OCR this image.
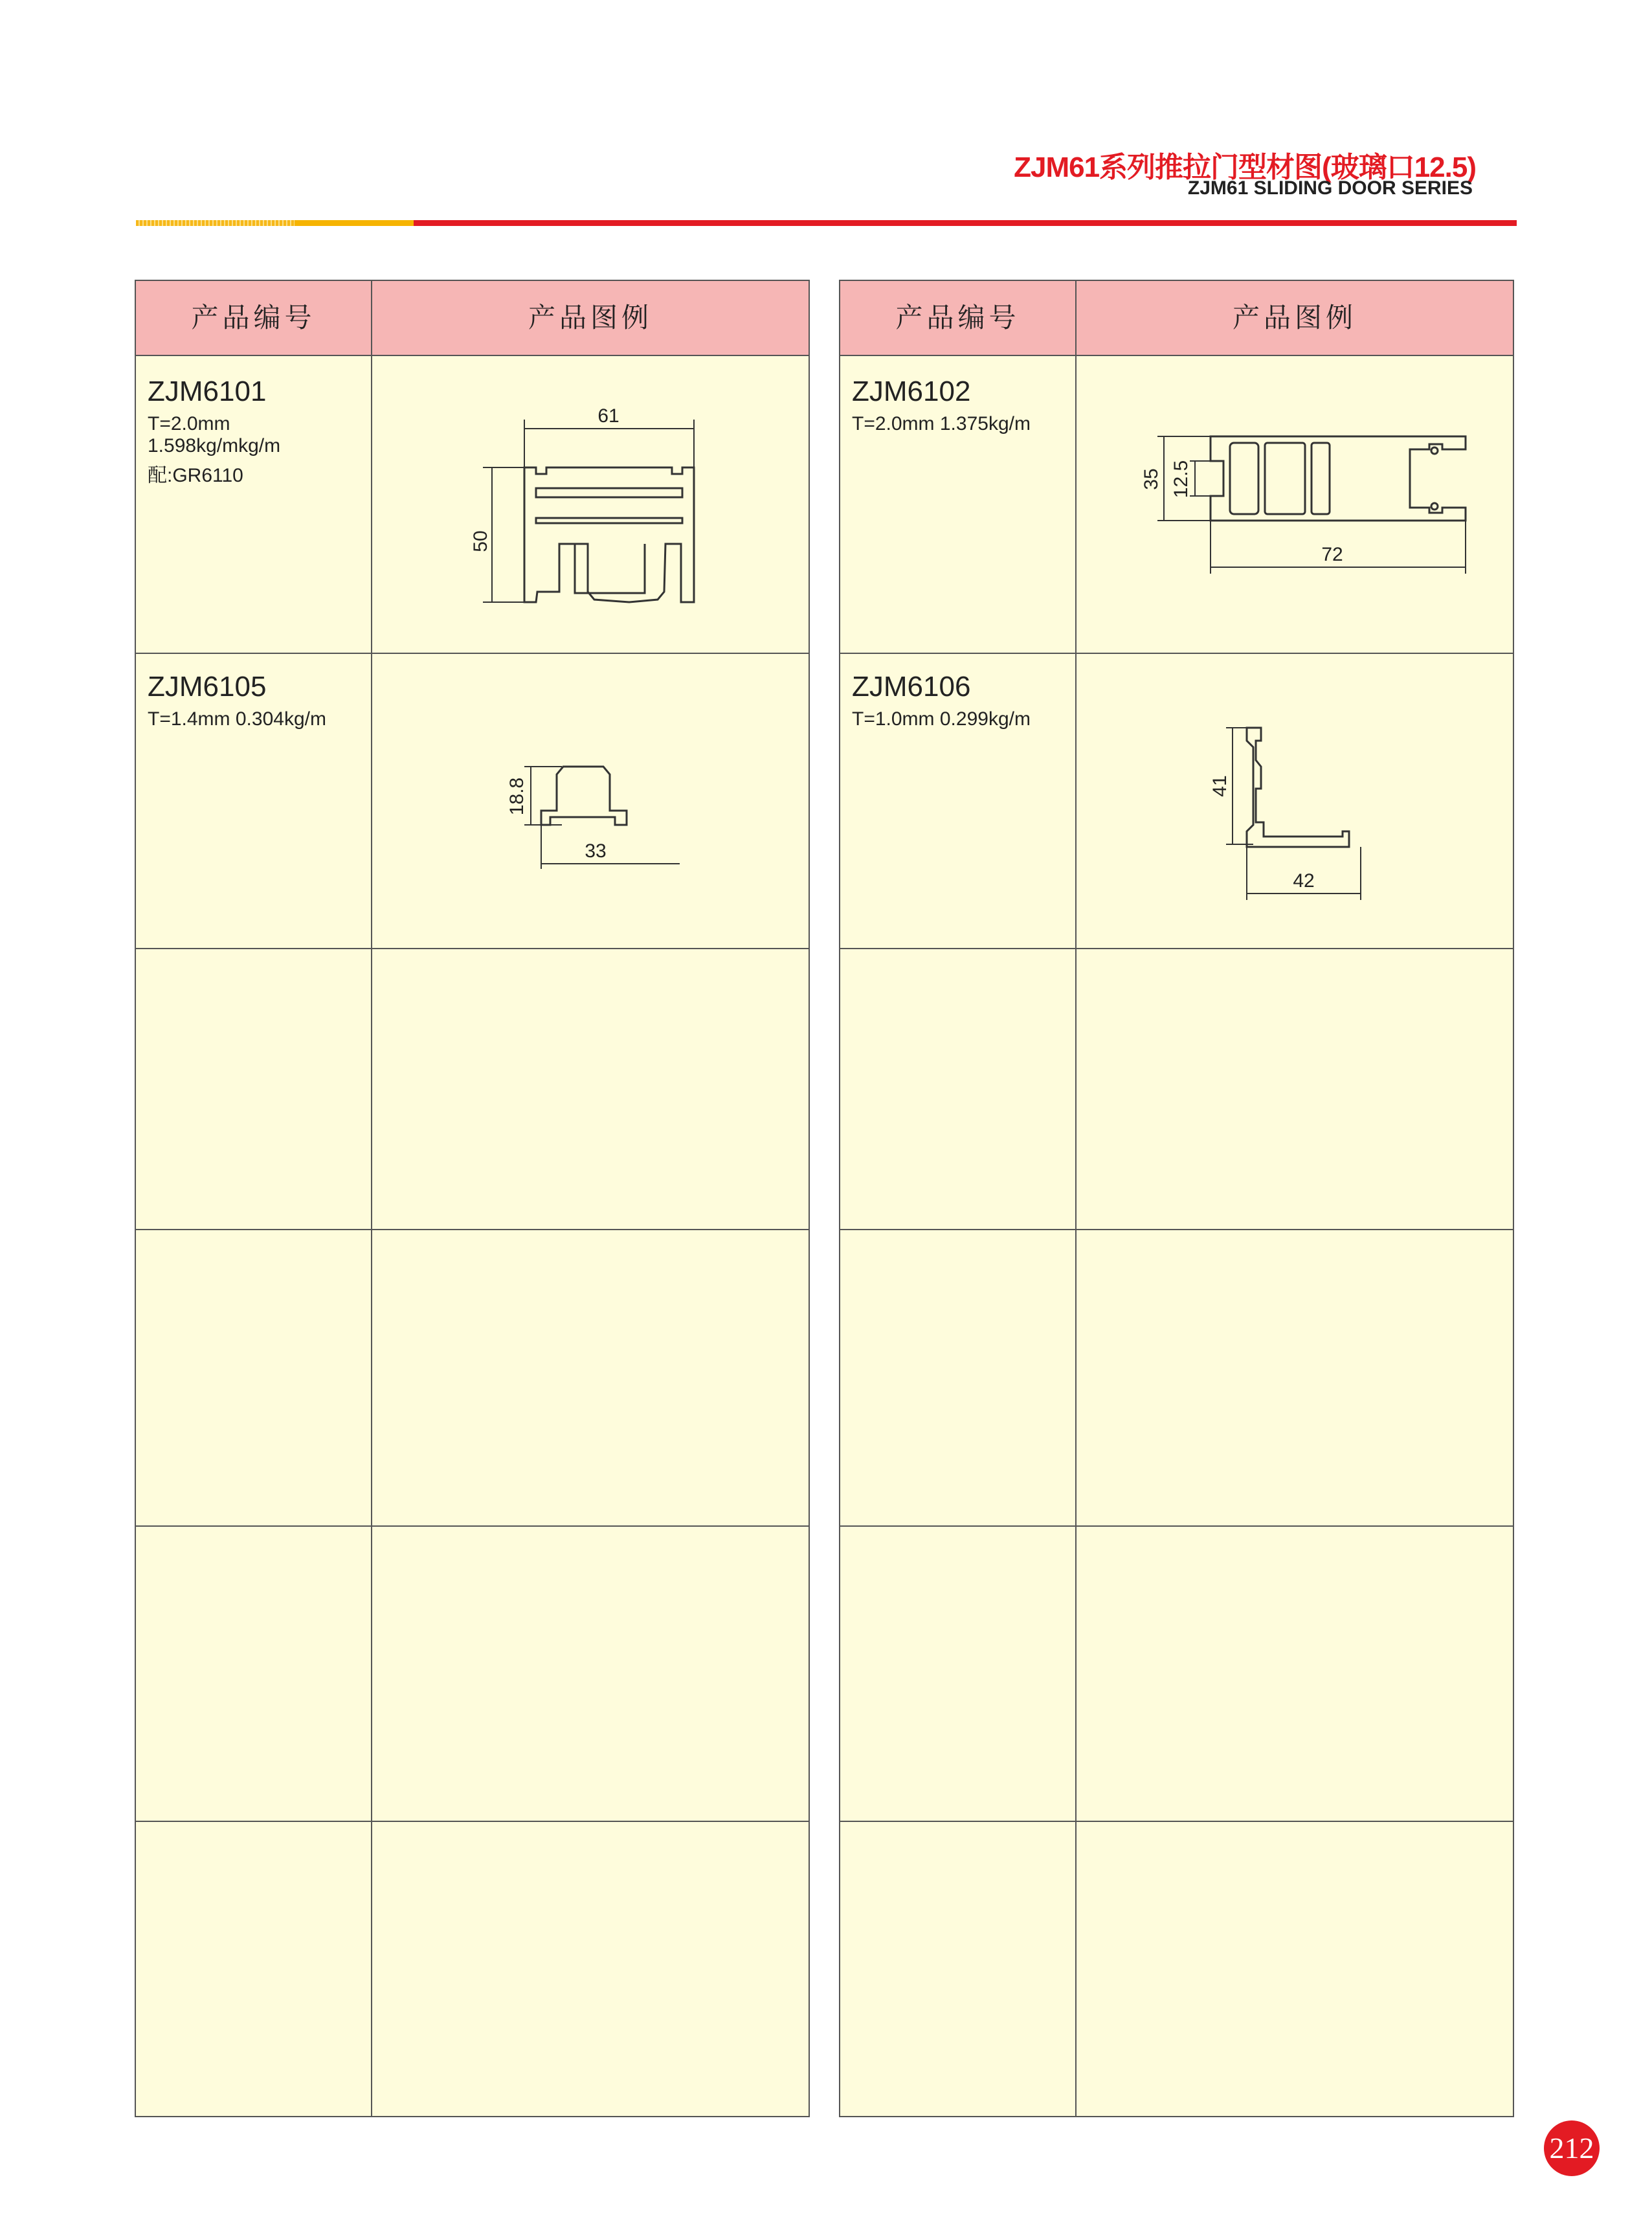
ZJM61系列推拉门型材图(玻璃口12.5)
ZJM61 SLIDING DOOR SERIES
产品编号	产品图例
ZJM6101
T=2.0mm
1.598kg/mkg/m
配:GR6110
61
50
ZJM6105
T=1.4mm 0.304kg/m
18.8
33
产品编号	产品图例
ZJM6102
T=2.0mm 1.375kg/m
35 12.5
72
ZJM6106
T=1.0mm 0.299kg/m
41
42
212
